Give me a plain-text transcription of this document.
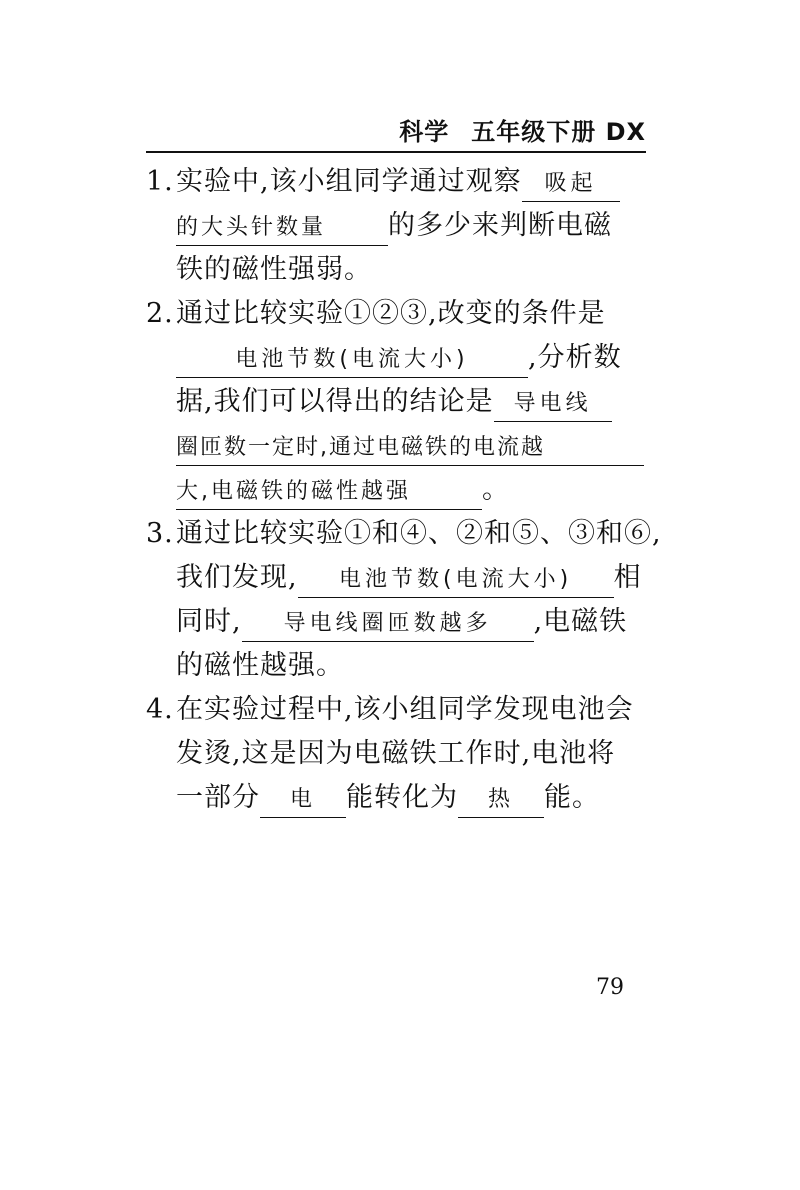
科学 五年级下册 DX
1.实验中,该小组同学通过观察 吸起
的大头针数量 的多少来判断电磁
铁的磁性强弱。
2.通过比较实验①②③,改变的条件是
电池节数(电流大小) ,分析数
据,我们可以得出的结论是 导电线
圈匝数一定时,通过电磁铁的电流越
大,电磁铁的磁性越强	。
3.通过比较实验①和④、②和⑤、③和⑥,
我们发现, 电池节数(电流大小) 相
同时, 导电线圈匝数越多 ,电磁铁
的磁性越强。
4.在实验过程中,该小组同学发现电池会
发烫,这是因为电磁铁工作时,电池将
一部分 电 能转化为 热 能。
79
